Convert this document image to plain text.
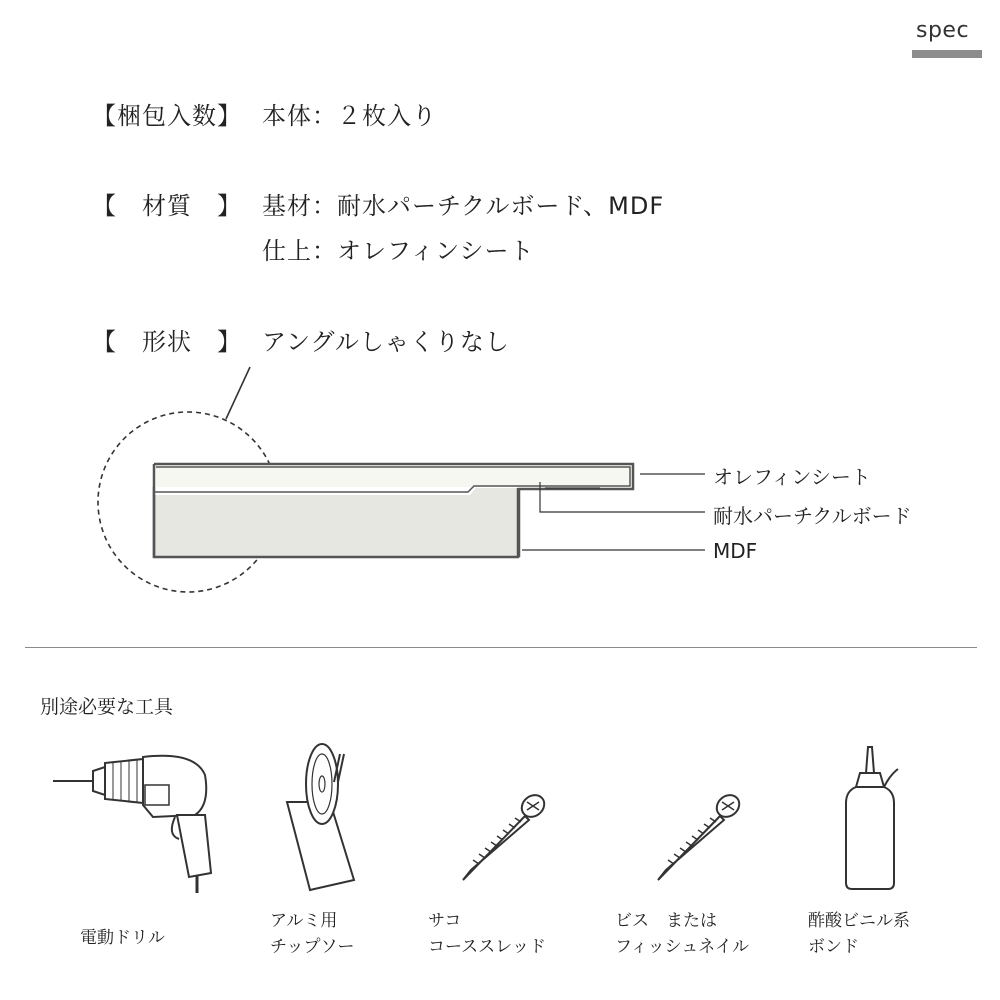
spec
【梱包入数】 本体：２枚入り
【　材質　】 基材：耐水パーチクルボード、MDF
仕上：オレフィンシート
【　形状　】 アングルしゃくりなし
オレフィンシート
耐水パーチクルボード
MDF
別途必要な工具
電動ドリル
アルミ用
チップソー
サコ
コーススレッド
ビス　または
フィッシュネイル
酢酸ビニル系
ボンド
